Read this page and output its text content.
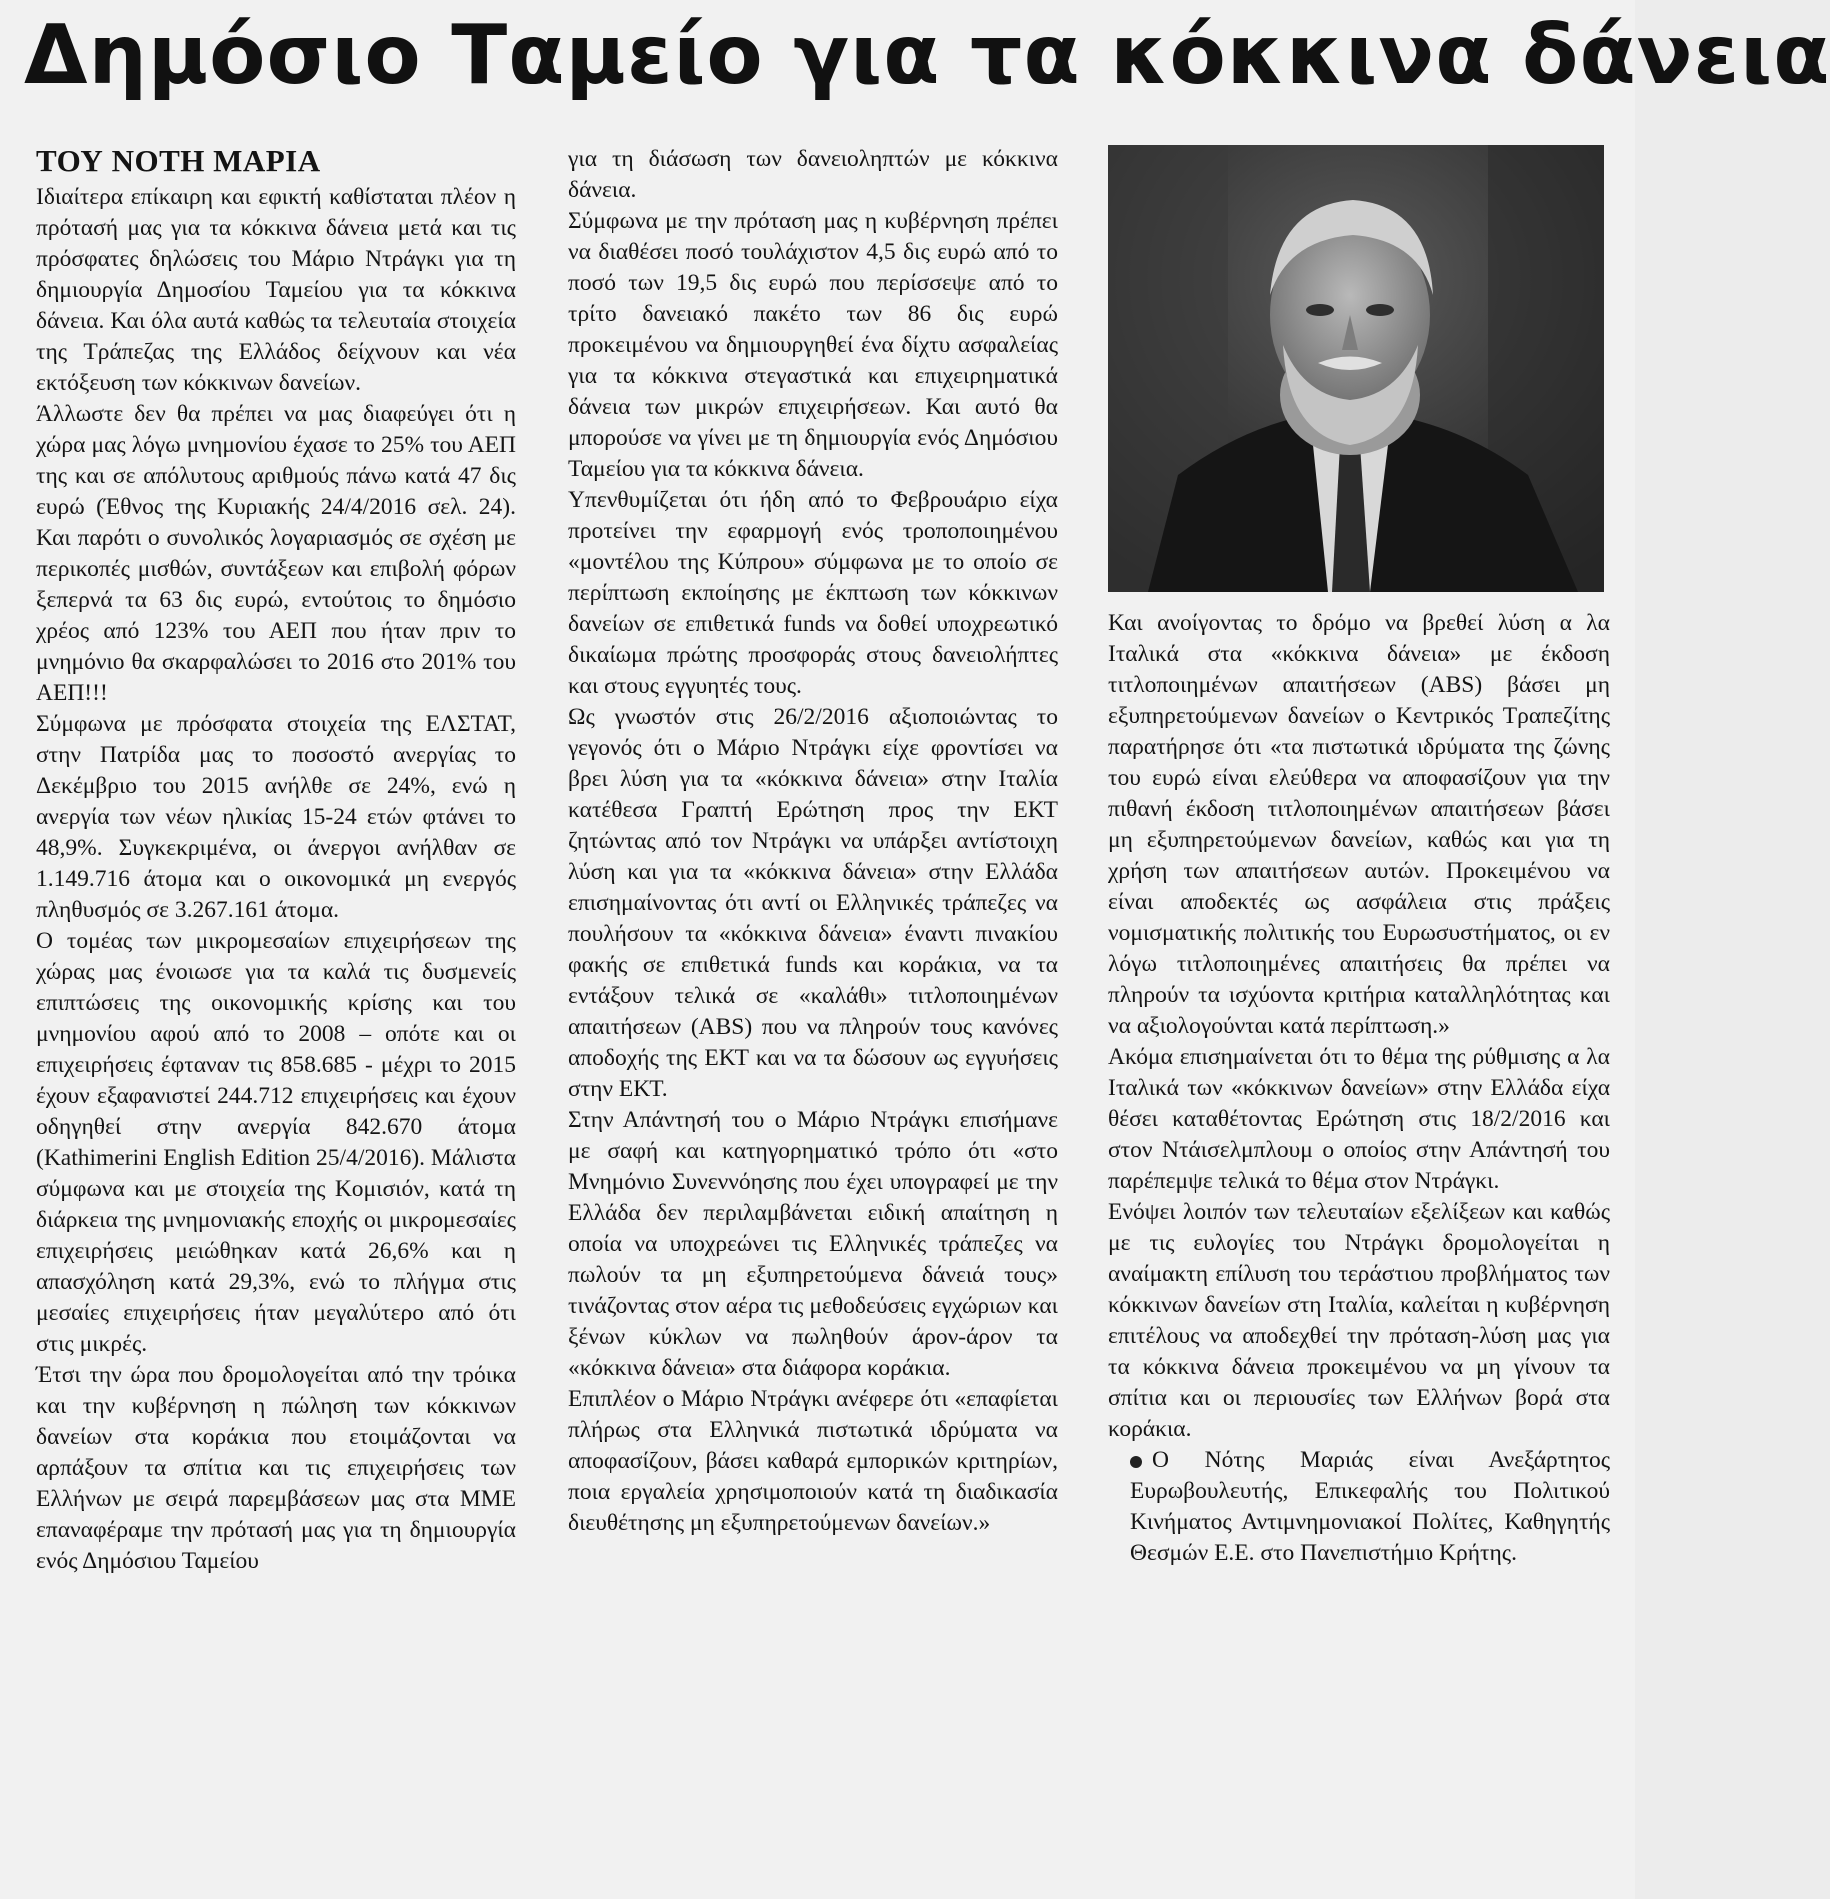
Δημόσιο Ταμείο για τα κόκκινα δάνεια
ΤΟΥ ΝΟΤΗ ΜΑΡΙΑ

Ιδιαίτερα επίκαιρη και εφικτή καθίσταται πλέον η πρότασή μας για τα κόκκινα δάνεια μετά και τις πρόσφατες δηλώσεις του Μάριο Ντράγκι για τη δημιουργία Δημοσίου Ταμείου για τα κόκκινα δάνεια. Και όλα αυτά καθώς τα τελευταία στοιχεία της Τράπεζας της Ελλάδος δείχνουν και νέα εκτόξευση των κόκκινων δανείων.

Άλλωστε δεν θα πρέπει να μας διαφεύγει ότι η χώρα μας λόγω μνημονίου έχασε το 25% του ΑΕΠ της και σε απόλυτους αριθμούς πάνω κατά 47 δις ευρώ (Έθνος της Κυριακής 24/4/2016 σελ. 24). Και παρότι ο συνολικός λογαριασμός σε σχέση με περικοπές μισθών, συντάξεων και επιβολή φόρων ξεπερνά τα 63 δις ευρώ, εντούτοις το δημόσιο χρέος από 123% του ΑΕΠ που ήταν πριν το μνημόνιο θα σκαρφαλώσει το 2016 στο 201% του ΑΕΠ!!!

Σύμφωνα με πρόσφατα στοιχεία της ΕΛΣΤΑΤ, στην Πατρίδα μας το ποσοστό ανεργίας το Δεκέμβριο του 2015 ανήλθε σε 24%, ενώ η ανεργία των νέων ηλικίας 15-24 ετών φτάνει το 48,9%. Συγκεκριμένα, οι άνεργοι ανήλθαν σε 1.149.716 άτομα και ο οικονομικά μη ενεργός πληθυσμός σε 3.267.161 άτομα.

Ο τομέας των μικρομεσαίων επιχειρήσεων της χώρας μας ένοιωσε για τα καλά τις δυσμενείς επιπτώσεις της οικονομικής κρίσης και του μνημονίου αφού από το 2008 – οπότε και οι επιχειρήσεις έφταναν τις 858.685 - μέχρι το 2015 έχουν εξαφανιστεί 244.712 επιχειρήσεις και έχουν οδηγηθεί στην ανεργία 842.670 άτομα (Kathimerini English Edition 25/4/2016). Μάλιστα σύμφωνα και με στοιχεία της Κομισιόν, κατά τη διάρκεια της μνημονιακής εποχής οι μικρομεσαίες επιχειρήσεις μειώθηκαν κατά 26,6% και η απασχόληση κατά 29,3%, ενώ το πλήγμα στις μεσαίες επιχειρήσεις ήταν μεγαλύτερο από ότι στις μικρές.

Έτσι την ώρα που δρομολογείται από την τρόικα και την κυβέρνηση η πώληση των κόκκινων δανείων στα κοράκια που ετοιμάζονται να αρπάξουν τα σπίτια και τις επιχειρήσεις των Ελλήνων με σειρά παρεμβάσεων μας στα ΜΜΕ επαναφέραμε την πρότασή μας για τη δημιουργία ενός Δημόσιου Ταμείου

για τη διάσωση των δανειοληπτών με κόκκινα δάνεια.

Σύμφωνα με την πρόταση μας η κυβέρνηση πρέπει να διαθέσει ποσό τουλάχιστον 4,5 δις ευρώ από το ποσό των 19,5 δις ευρώ που περίσσεψε από το τρίτο δανειακό πακέτο των 86 δις ευρώ προκειμένου να δημιουργηθεί ένα δίχτυ ασφαλείας για τα κόκκινα στεγαστικά και επιχειρηματικά δάνεια των μικρών επιχειρήσεων. Και αυτό θα μπορούσε να γίνει με τη δημιουργία ενός Δημόσιου Ταμείου για τα κόκκινα δάνεια.

Υπενθυμίζεται ότι ήδη από το Φεβρουάριο είχα προτείνει την εφαρμογή ενός τροποποιημένου «μοντέλου της Κύπρου» σύμφωνα με το οποίο σε περίπτωση εκποίησης με έκπτωση των κόκκινων δανείων σε επιθετικά funds να δοθεί υποχρεωτικό δικαίωμα πρώτης προσφοράς στους δανειολήπτες και στους εγγυητές τους.

Ως γνωστόν στις 26/2/2016 αξιοποιώντας το γεγονός ότι ο Μάριο Ντράγκι είχε φροντίσει να βρει λύση για τα «κόκκινα δάνεια» στην Ιταλία κατέθεσα Γραπτή Ερώτηση προς την ΕΚΤ ζητώντας από τον Ντράγκι να υπάρξει αντίστοιχη λύση και για τα «κόκκινα δάνεια» στην Ελλάδα επισημαίνοντας ότι αντί οι Ελληνικές τράπεζες να πουλήσουν τα «κόκκινα δάνεια» έναντι πινακίου φακής σε επιθετικά funds και κοράκια, να τα εντάξουν τελικά σε «καλάθι» τιτλοποιημένων απαιτήσεων (ABS) που να πληρούν τους κανόνες αποδοχής της ΕΚΤ και να τα δώσουν ως εγγυήσεις στην ΕΚΤ.

Στην Απάντησή του ο Μάριο Ντράγκι επισήμανε με σαφή και κατηγορηματικό τρόπο ότι «στο Μνημόνιο Συνεννόησης που έχει υπογραφεί με την Ελλάδα δεν περιλαμβάνεται ειδική απαίτηση η οποία να υποχρεώνει τις Ελληνικές τράπεζες να πωλούν τα μη εξυπηρετούμενα δάνειά τους» τινάζοντας στον αέρα τις μεθοδεύσεις εγχώριων και ξένων κύκλων να πωληθούν άρον-άρον τα «κόκκινα δάνεια» στα διάφορα κοράκια.

Επιπλέον ο Μάριο Ντράγκι ανέφερε ότι «επαφίεται πλήρως στα Ελληνικά πιστωτικά ιδρύματα να αποφασίζουν, βάσει καθαρά εμπορικών κριτηρίων, ποια εργαλεία χρησιμοποιούν κατά τη διαδικασία διευθέτησης μη εξυπηρετούμενων δανείων.»

Και ανοίγοντας το δρόμο να βρεθεί λύση α λα Ιταλικά στα «κόκκινα δάνεια» με έκδοση τιτλοποιημένων απαιτήσεων (ABS) βάσει μη εξυπηρετούμενων δανείων ο Κεντρικός Τραπεζίτης παρατήρησε ότι «τα πιστωτικά ιδρύματα της ζώνης του ευρώ είναι ελεύθερα να αποφασίζουν για την πιθανή έκδοση τιτλοποιημένων απαιτήσεων βάσει μη εξυπηρετούμενων δανείων, καθώς και για τη χρήση των απαιτήσεων αυτών. Προκειμένου να είναι αποδεκτές ως ασφάλεια στις πράξεις νομισματικής πολιτικής του Ευρωσυστήματος, οι εν λόγω τιτλοποιημένες απαιτήσεις θα πρέπει να πληρούν τα ισχύοντα κριτήρια καταλληλότητας και να αξιολογούνται κατά περίπτωση.»

Ακόμα επισημαίνεται ότι το θέμα της ρύθμισης α λα Ιταλικά των «κόκκινων δανείων» στην Ελλάδα είχα θέσει καταθέτοντας Ερώτηση στις 18/2/2016 και στον Ντάισελμπλουμ ο οποίος στην Απάντησή του παρέπεμψε τελικά το θέμα στον Ντράγκι.

Ενόψει λοιπόν των τελευταίων εξελίξεων και καθώς με τις ευλογίες του Ντράγκι δρομολογείται η αναίμακτη επίλυση του τεράστιου προβλήματος των κόκκινων δανείων στη Ιταλία, καλείται η κυβέρνηση επιτέλους να αποδεχθεί την πρόταση-λύση μας για τα κόκκινα δάνεια προκειμένου να μη γίνουν τα σπίτια και οι περιουσίες των Ελλήνων βορά στα κοράκια.

Ο Νότης Μαριάς είναι Ανεξάρτητος Ευρωβουλευτής, Επικεφαλής του Πολιτικού Κινήματος Αντιμνημονιακοί Πολίτες, Καθηγητής Θεσμών Ε.Ε. στο Πανεπιστήμιο Κρήτης.
